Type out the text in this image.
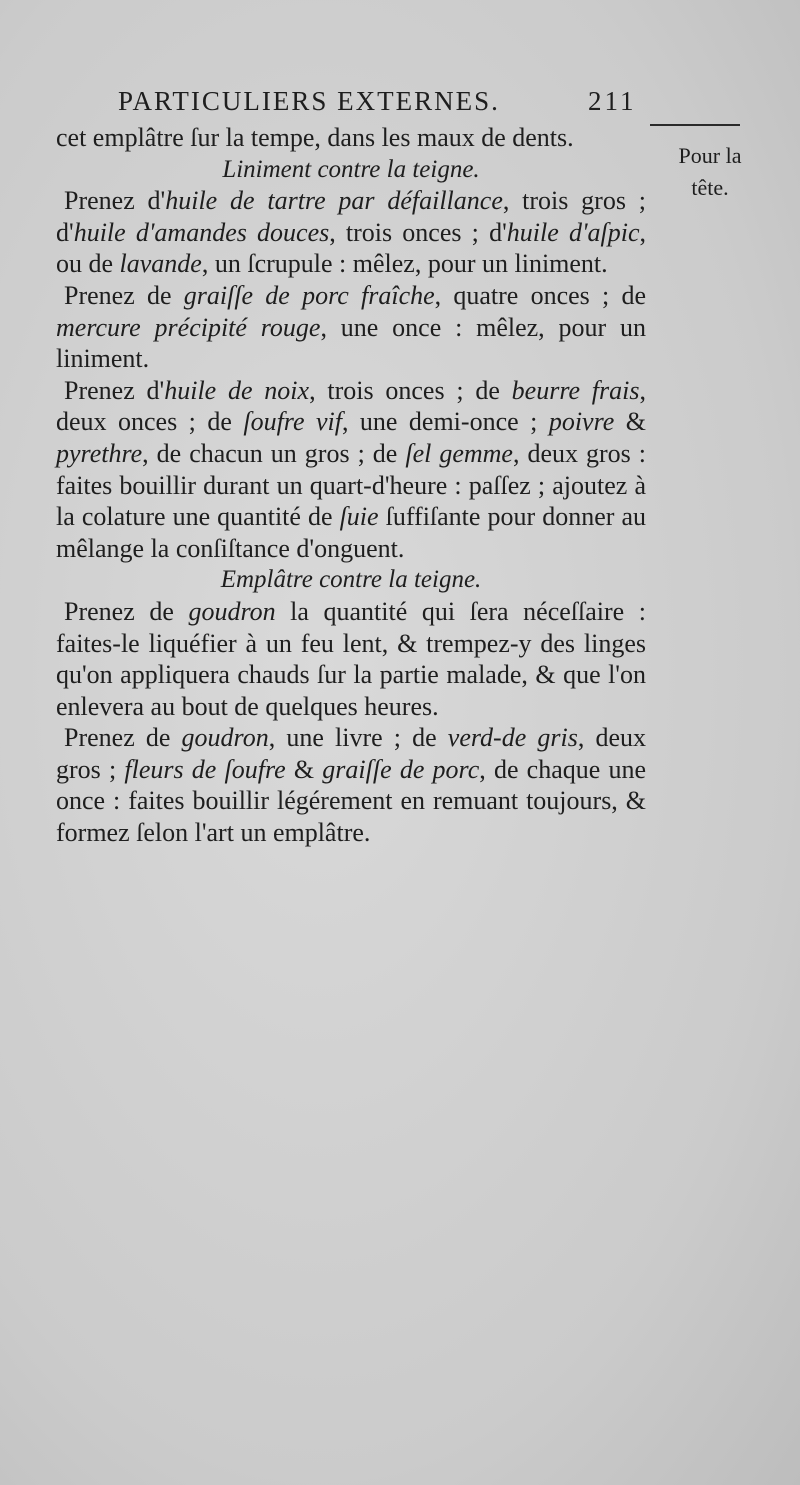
PARTICULIERS EXTERNES.	211
Pour la
tête.

cet emplâtre ſur la tempe, dans les maux de dents.

Liniment contre la teigne.

Prenez d'huile de tartre par défaillance, trois gros ; d'huile d'amandes douces, trois onces ; d'huile d'aſpic, ou de lavande, un ſcrupule : mêlez, pour un liniment.

Prenez de graiſſe de porc fraîche, quatre onces ; de mercure précipité rouge, une once : mêlez, pour un liniment.

Prenez d'huile de noix, trois onces ; de beurre frais, deux onces ; de ſoufre vif, une demi-once ; poivre & pyrethre, de chacun un gros ; de ſel gemme, deux gros : faites bouillir durant un quart-d'heure : paſſez ; ajoutez à la colature une quantité de ſuie ſuffiſante pour donner au mêlange la conſiſtance d'onguent.

Emplâtre contre la teigne.

Prenez de goudron la quantité qui ſera néceſſaire : faites-le liquéfier à un feu lent, & trempez-y des linges qu'on appliquera chauds ſur la partie malade, & que l'on enlevera au bout de quelques heures.

Prenez de goudron, une livre ; de verd-de gris, deux gros ; fleurs de ſoufre & graiſſe de porc, de chaque une once : faites bouillir légérement en remuant toujours, & formez ſelon l'art un emplâtre.
